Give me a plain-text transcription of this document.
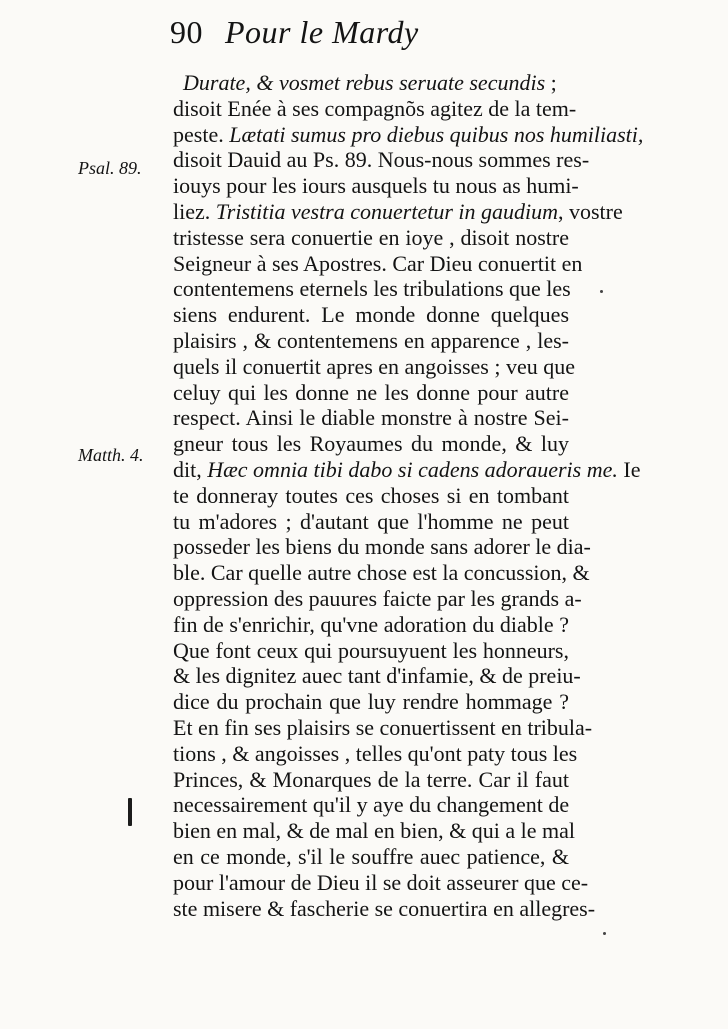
90 Pour le Mardy
Psal. 89.
Matth. 4.
Durate, & vosmet rebus seruate secundis ;
disoit Enée à ses compagnõs agitez de la tem-
peste. Lætati sumus pro diebus quibus nos humiliasti,
disoit Dauid au Ps. 89. Nous-nous sommes res-
iouys pour les iours ausquels tu nous as humi-
liez. Tristitia vestra conuertetur in gaudium, vostre
tristesse sera conuertie en ioye , disoit nostre
Seigneur à ses Apostres. Car Dieu conuertit en
contentemens eternels les tribulations que les
siens endurent. Le monde donne quelques
plaisirs , & contentemens en apparence , les-
quels il conuertit apres en angoisses ; veu que
celuy qui les donne ne les donne pour autre
respect. Ainsi le diable monstre à nostre Sei-
gneur tous les Royaumes du monde, & luy
dit, Hæc omnia tibi dabo si cadens adoraueris me. Ie
te donneray toutes ces choses si en tombant
tu m'adores ; d'autant que l'homme ne peut
posseder les biens du monde sans adorer le dia-
ble. Car quelle autre chose est la concussion, &
oppression des pauures faicte par les grands a-
fin de s'enrichir, qu'vne adoration du diable ?
Que font ceux qui poursuyuent les honneurs,
& les dignitez auec tant d'infamie, & de preiu-
dice du prochain que luy rendre hommage ?
Et en fin ses plaisirs se conuertissent en tribula-
tions , & angoisses , telles qu'ont paty tous les
Princes, & Monarques de la terre. Car il faut
necessairement qu'il y aye du changement de
bien en mal, & de mal en bien, & qui a le mal
en ce monde, s'il le souffre auec patience, &
pour l'amour de Dieu il se doit asseurer que ce-
ste misere & fascherie se conuertira en allegres-
